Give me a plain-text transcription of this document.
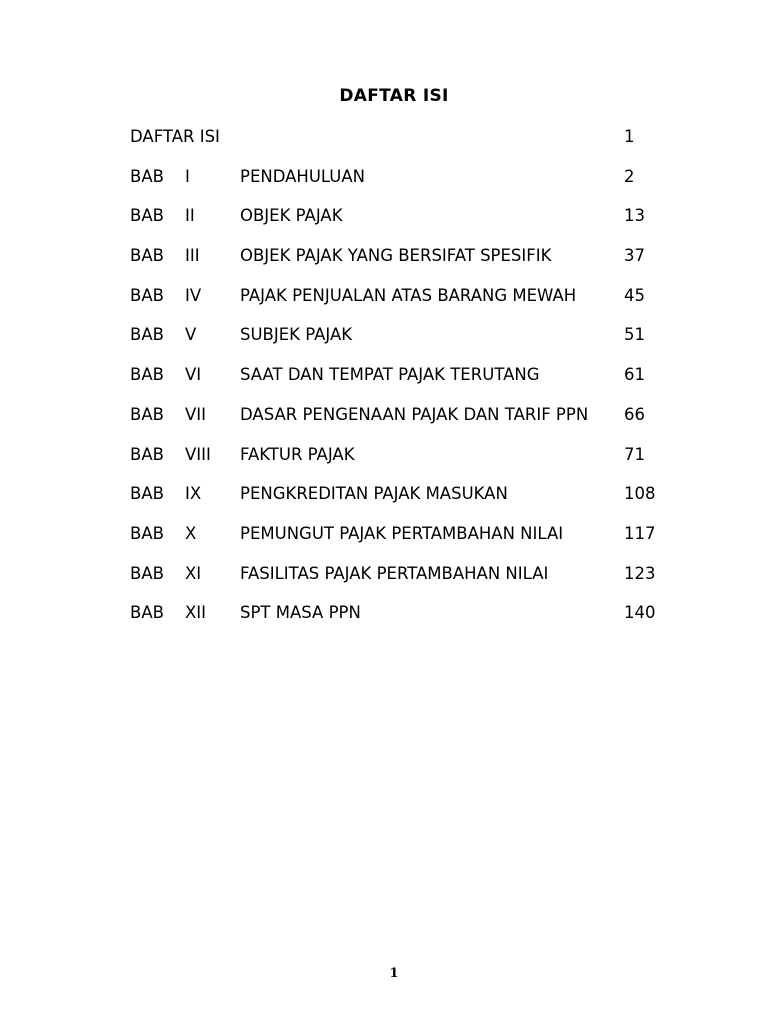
DAFTAR ISI
DAFTAR ISI	1
BAB I	PENDAHULUAN	2
BAB II	OBJEK PAJAK	13
BAB III OBJEK PAJAK YANG BERSIFAT SPESIFIK	37
BAB IV PAJAK PENJUALAN ATAS BARANG MEWAH	45
BAB V	SUBJEK PAJAK	51
BAB VI SAAT DAN TEMPAT PAJAK TERUTANG	61
BAB VII DASAR PENGENAAN PAJAK DAN TARIF PPN 66
BAB VIII FAKTUR PAJAK	71
BAB IX PENGKREDITAN PAJAK MASUKAN	108
BAB X	PEMUNGUT PAJAK PERTAMBAHAN NILAI	117
BAB XI FASILITAS PAJAK PERTAMBAHAN NILAI	123
BAB XII SPT MASA PPN	140
1
